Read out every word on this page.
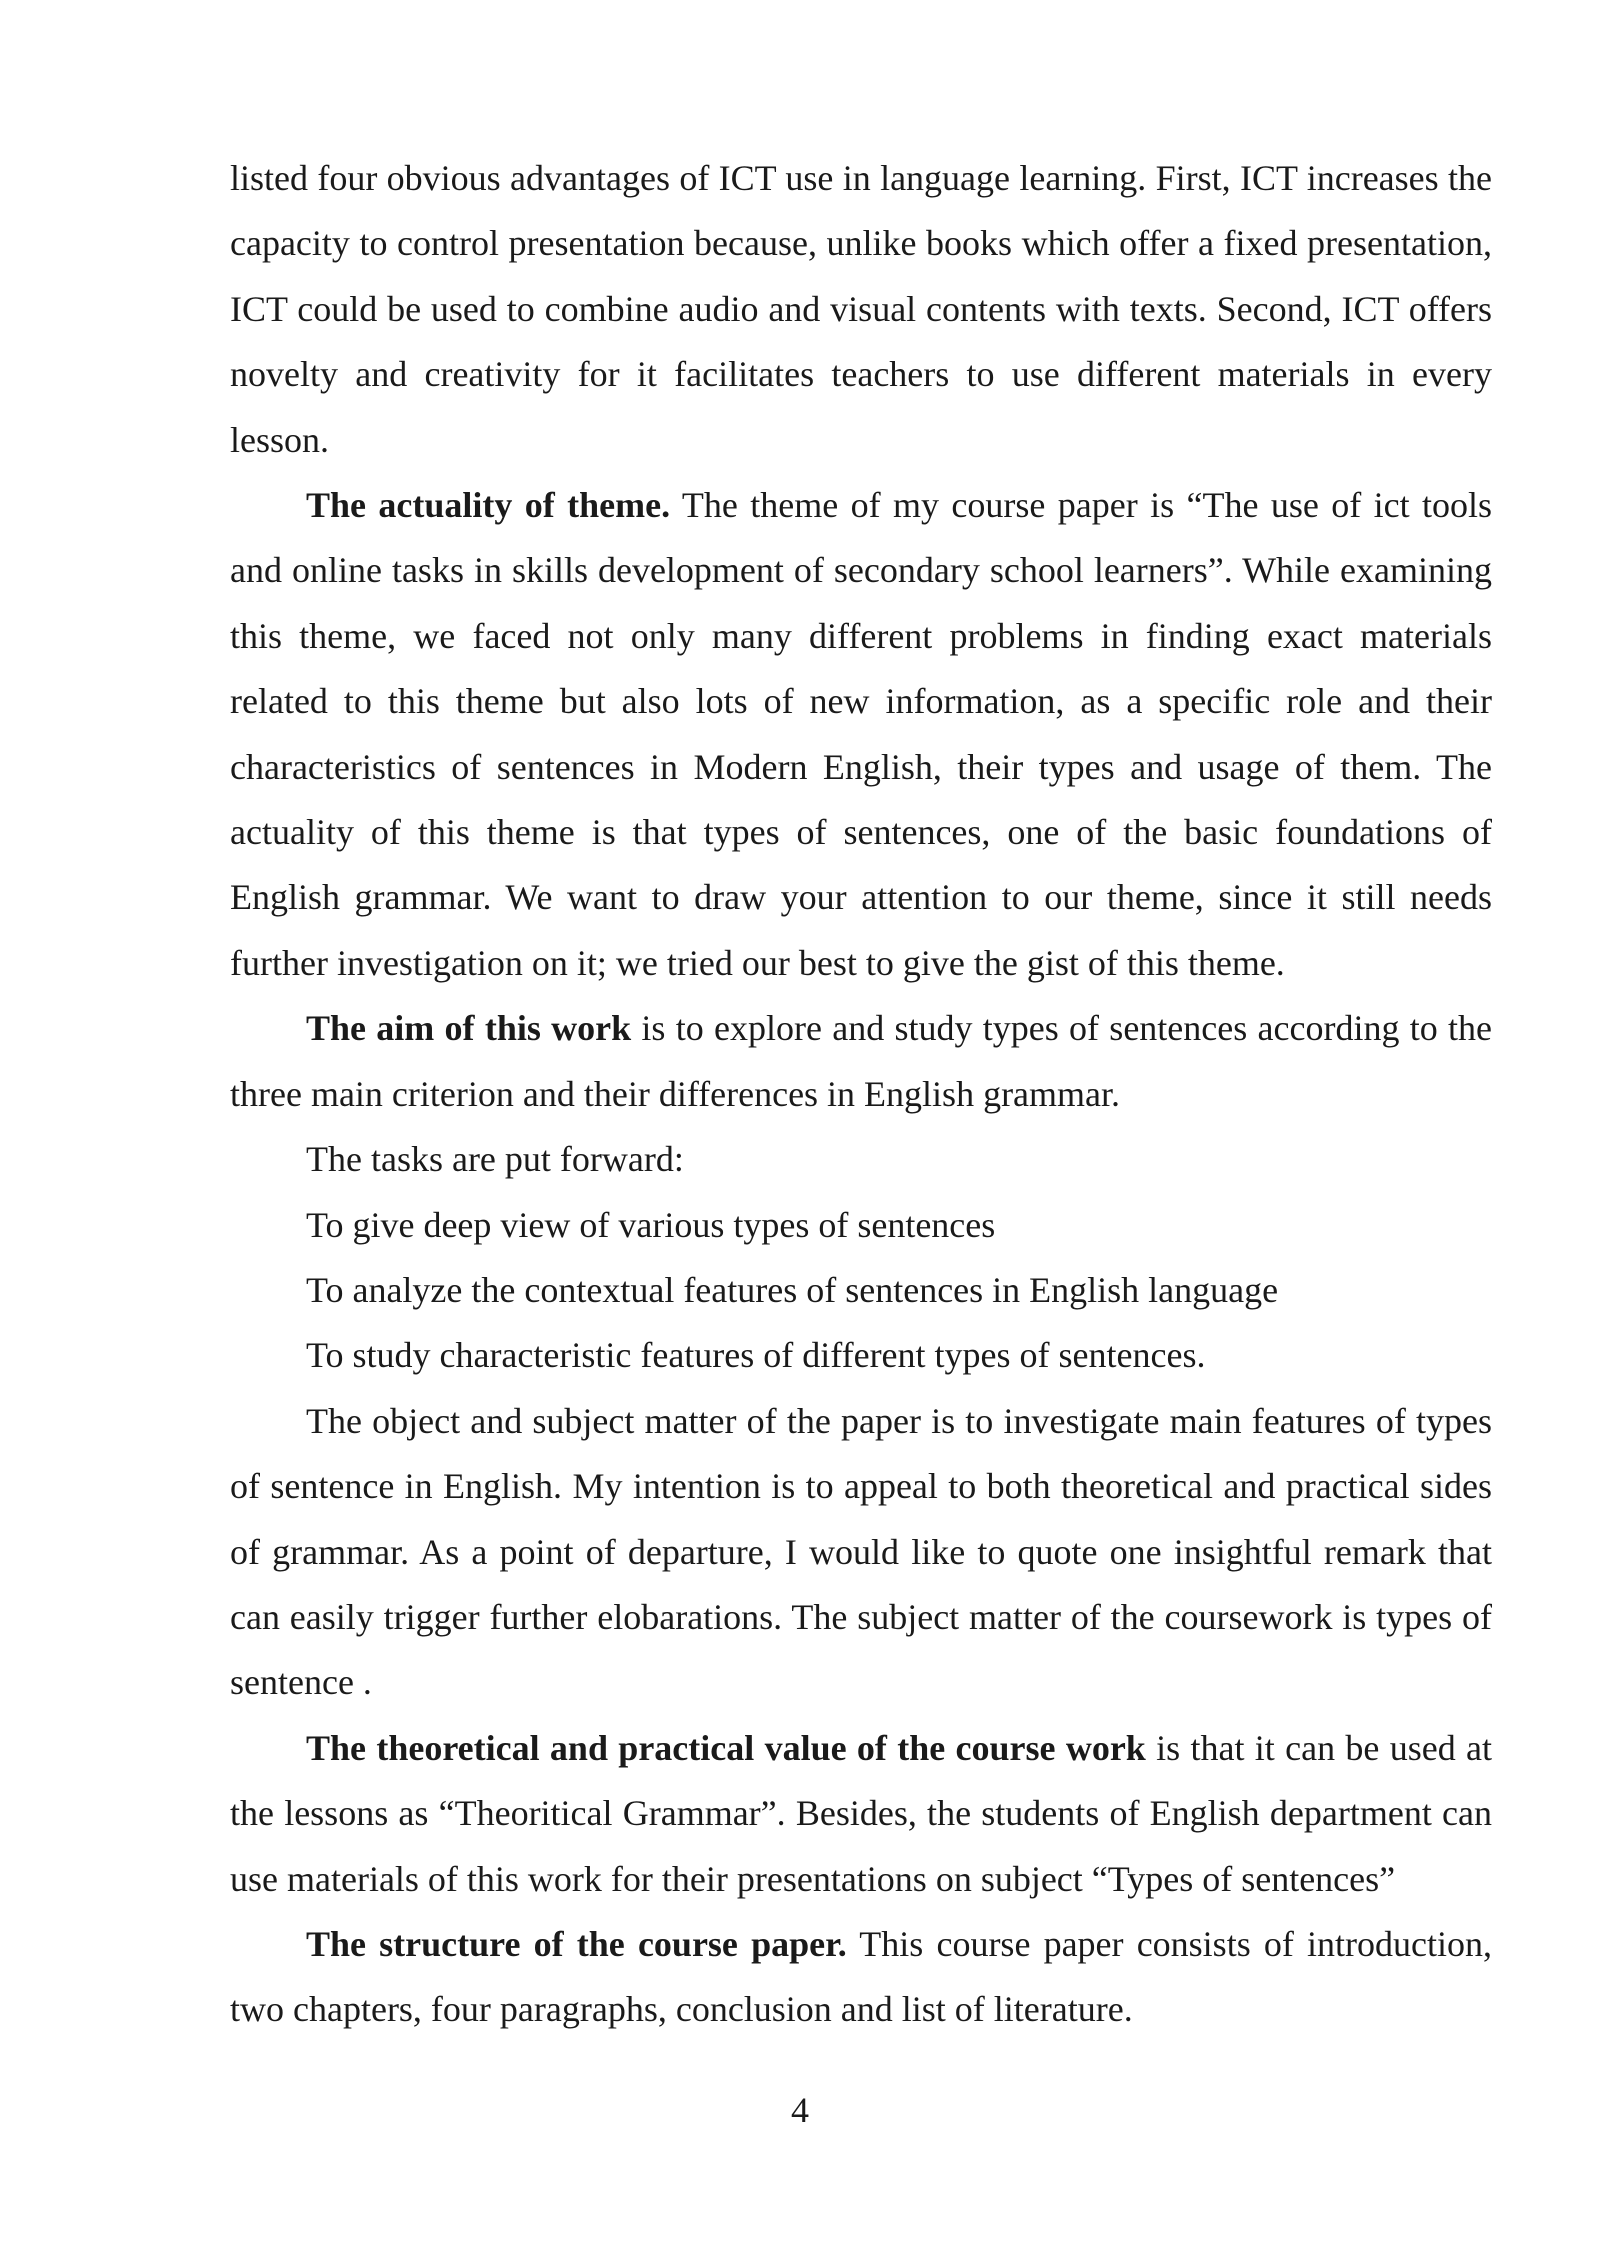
listed four obvious advantages of ICT use in language learning. First, ICT increases the capacity to control presentation because, unlike books which offer a fixed presentation, ICT could be used to combine audio and visual contents with texts. Second, ICT offers novelty and creativity for it facilitates teachers to use different materials in every lesson.

The actuality of theme. The theme of my course paper is “The use of ict tools and online tasks in skills development of secondary school learners”. While examining this theme, we faced not only many different problems in finding exact materials related to this theme but also lots of new information, as a specific role and their characteristics of sentences in Modern English, their types and usage of them. The actuality of this theme is that types of sentences, one of the basic foundations of English grammar. We want to draw your attention to our theme, since it still needs further investigation on it; we tried our best to give the gist of this theme.

The aim of this work is to explore and study types of sentences according to the three main criterion and their differences in English grammar.

The tasks are put forward:

To give deep view of various types of sentences

To analyze the contextual features of sentences in English language

To study characteristic features of different types of sentences.

The object and subject matter of the paper is to investigate main features of types of sentence in English. My intention is to appeal to both theoretical and practical sides of grammar. As a point of departure, I would like to quote one insightful remark that can easily trigger further elobarations. The subject matter of the coursework is types of sentence .

The theoretical and practical value of the course work is that it can be used at the lessons as “Theoritical Grammar”. Besides, the students of English department can use materials of this work for their presentations on subject “Types of sentences”

The structure of the course paper. This course paper consists of introduction, two chapters, four paragraphs, conclusion and list of literature.

4
